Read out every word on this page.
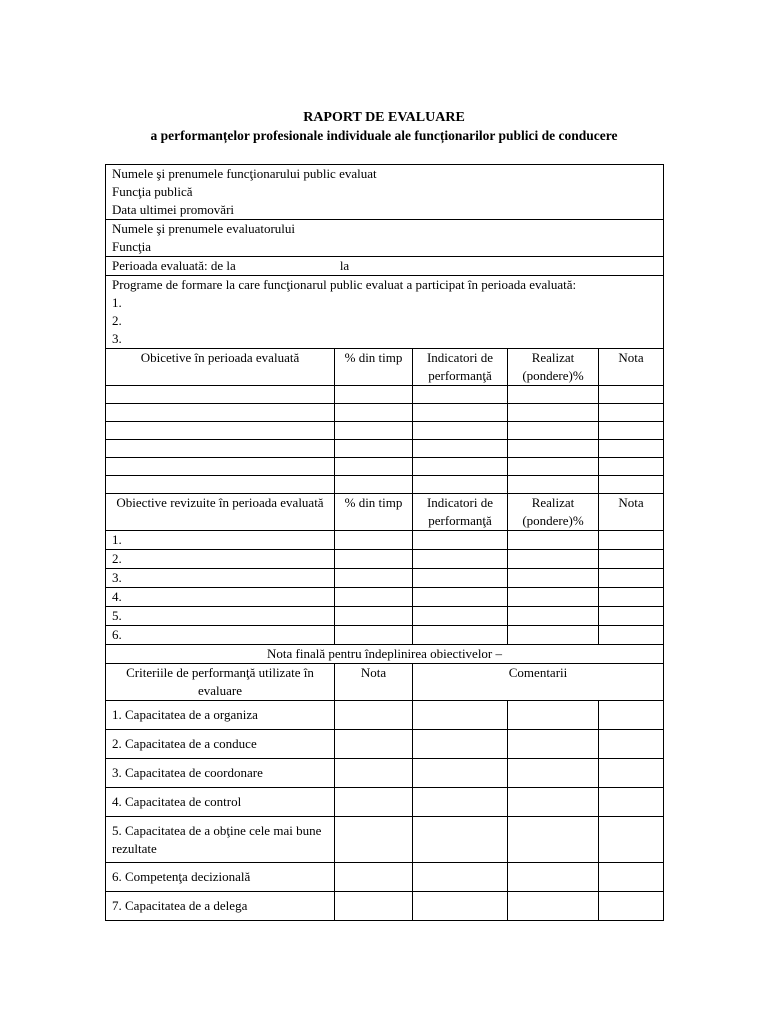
RAPORT DE EVALUARE
a performanțelor profesionale individuale ale funcționarilor publici de conducere
Numele şi prenumele funcţionarului public evaluat
Funcţia publică
Data ultimei promovări				

Numele şi prenumele evaluatorului
Funcţia				

Perioada evaluată: de la la				

Programe de formare la care funcţionarul public evaluat a participat în perioada evaluată:
1.
2.
3.				

Obicetive în perioada evaluată	% din timp	Indicatori de performanţă	Realizat (pondere)%	Nota

Obiective revizuite în perioada evaluată	% din timp	Indicatori de performanţă	Realizat (pondere)%	Nota
1.				
2.				
3.				
4.				
5.				
6.				
Nota finală pentru îndeplinirea obiectivelor –				
Criteriile de performanţă utilizate în evaluare	Nota	Comentarii		
1. Capacitatea de a organiza				
2. Capacitatea de a conduce				
3. Capacitatea de coordonare				
4. Capacitatea de control				
5. Capacitatea de a obţine cele mai bune rezultate				
6. Competenţa decizională				
7. Capacitatea de a delega				
